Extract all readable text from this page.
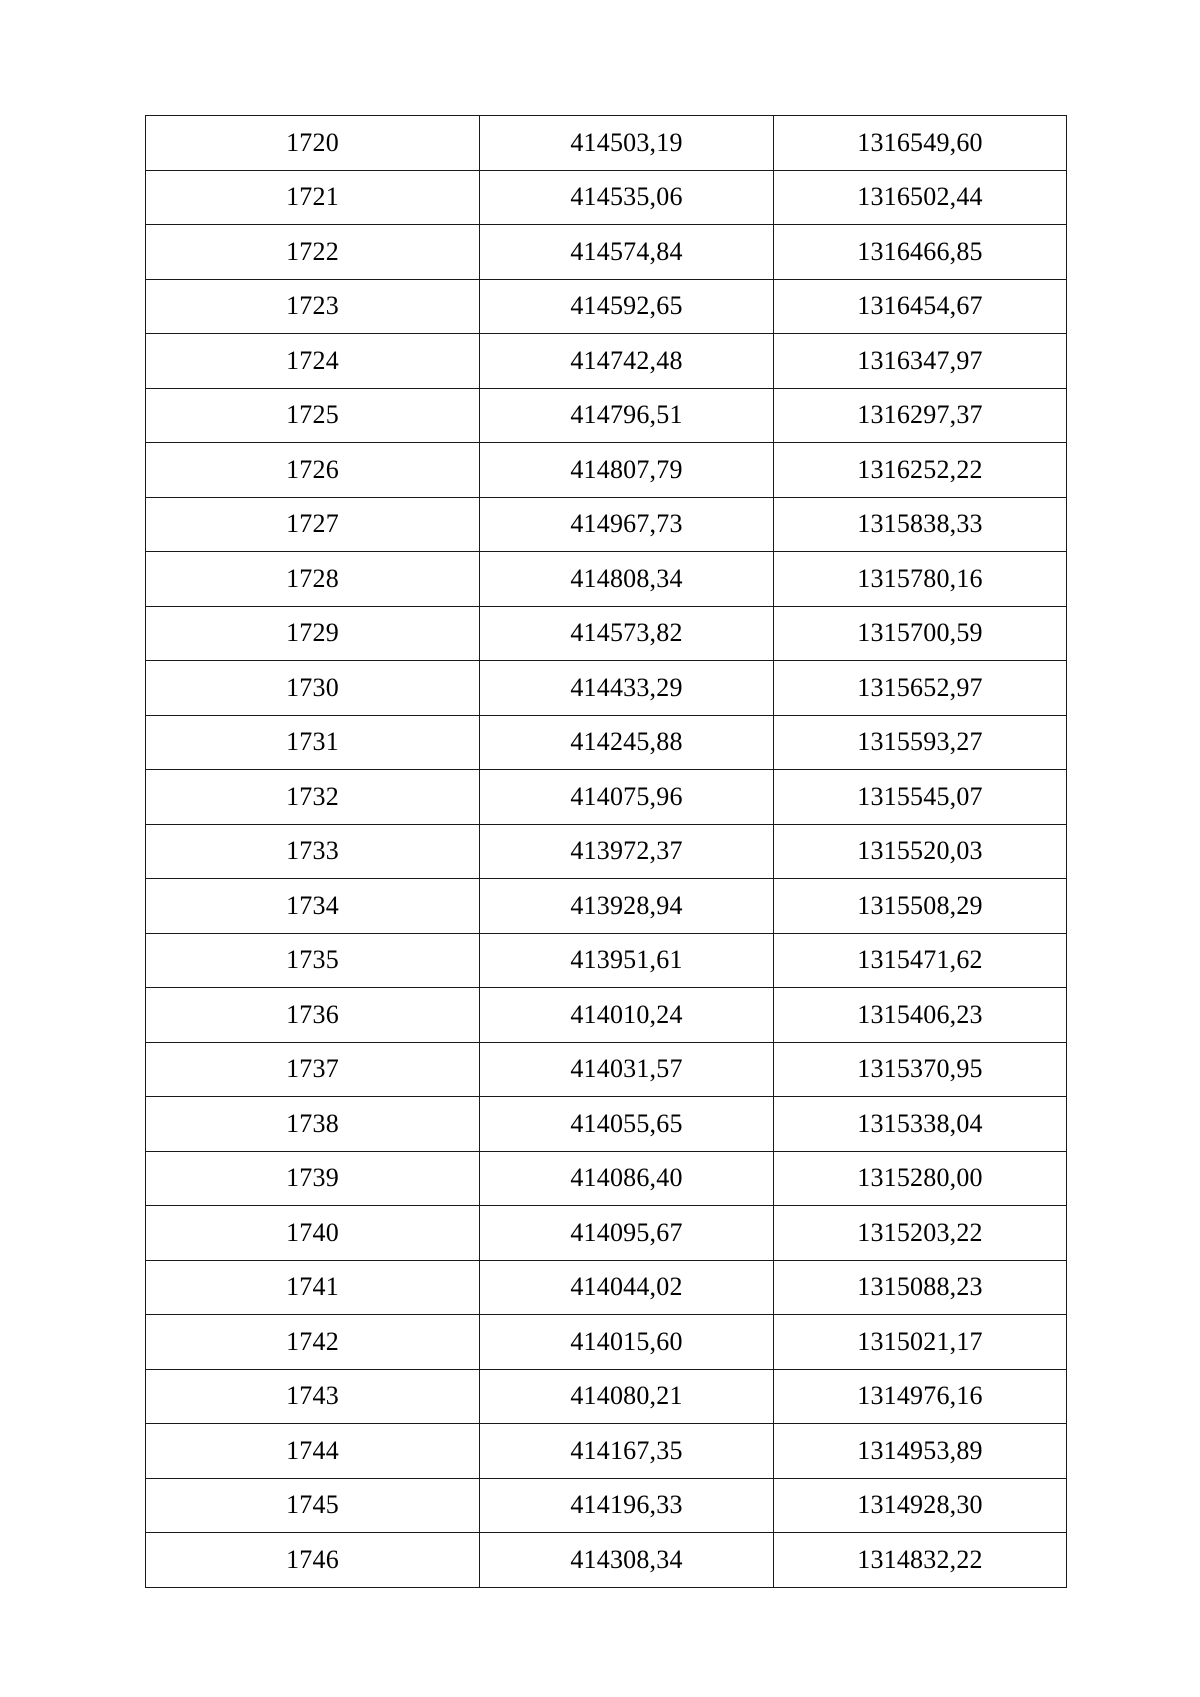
1720	414503,19	1316549,60
1721	414535,06	1316502,44
1722	414574,84	1316466,85
1723	414592,65	1316454,67
1724	414742,48	1316347,97
1725	414796,51	1316297,37
1726	414807,79	1316252,22
1727	414967,73	1315838,33
1728	414808,34	1315780,16
1729	414573,82	1315700,59
1730	414433,29	1315652,97
1731	414245,88	1315593,27
1732	414075,96	1315545,07
1733	413972,37	1315520,03
1734	413928,94	1315508,29
1735	413951,61	1315471,62
1736	414010,24	1315406,23
1737	414031,57	1315370,95
1738	414055,65	1315338,04
1739	414086,40	1315280,00
1740	414095,67	1315203,22
1741	414044,02	1315088,23
1742	414015,60	1315021,17
1743	414080,21	1314976,16
1744	414167,35	1314953,89
1745	414196,33	1314928,30
1746	414308,34	1314832,22
